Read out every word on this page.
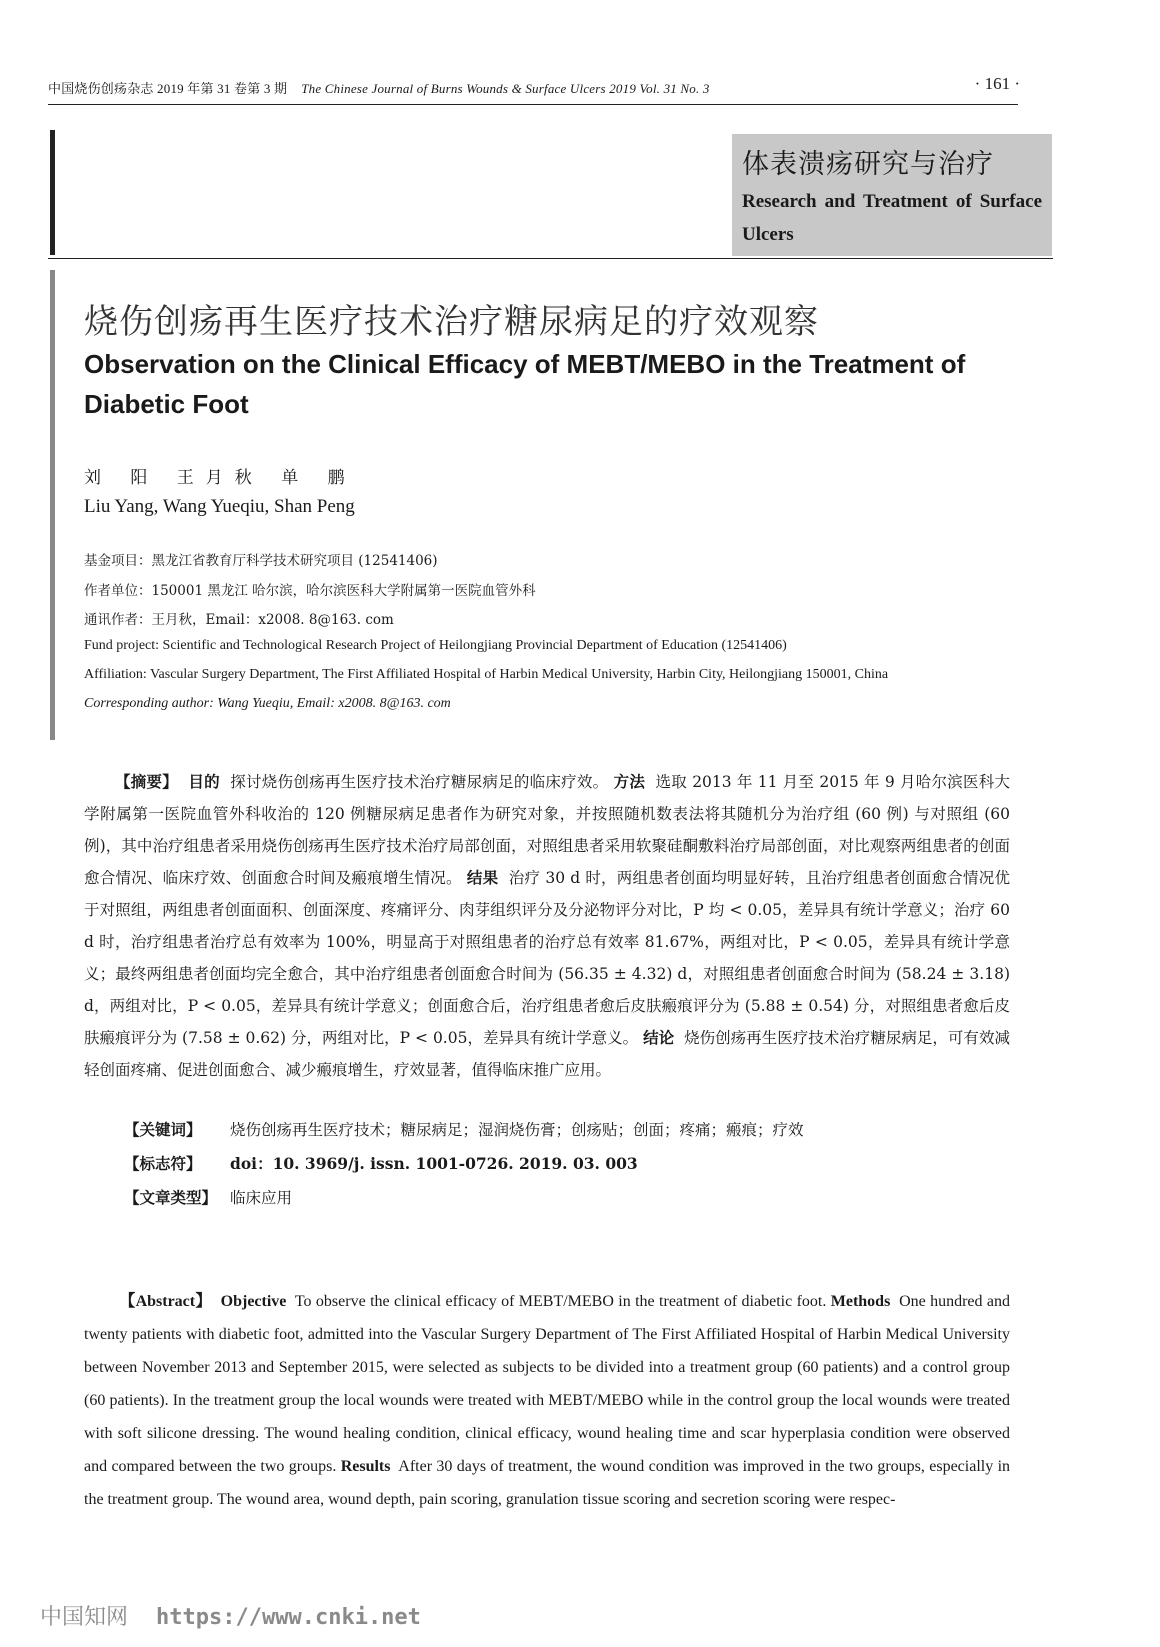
中国烧伤创疡杂志 2019 年第 31 卷第 3 期 The Chinese Journal of Burns Wounds & Surface Ulcers 2019 Vol. 31 No. 3	· 161 ·
体表溃疡研究与治疗
Research and Treatment of Surface Ulcers
烧伤创疡再生医疗技术治疗糖尿病足的疗效观察
Observation on the Clinical Efficacy of MEBT/MEBO in the Treatment of Diabetic Foot
刘 阳 王月秋 单 鹏
Liu Yang, Wang Yueqiu, Shan Peng
基金项目：黑龙江省教育厅科学技术研究项目 (12541406)
作者单位：150001 黑龙江 哈尔滨，哈尔滨医科大学附属第一医院血管外科
通讯作者：王月秋，Email：x2008. 8@163. com
Fund project: Scientific and Technological Research Project of Heilongjiang Provincial Department of Education (12541406)
Affiliation: Vascular Surgery Department, The First Affiliated Hospital of Harbin Medical University, Harbin City, Heilongjiang 150001, China
Corresponding author: Wang Yueqiu, Email: x2008. 8@163. com
【摘要】 目的 探讨烧伤创疡再生医疗技术治疗糖尿病足的临床疗效。 方法 选取 2013 年 11 月至 2015 年 9 月哈尔滨医科大学附属第一医院血管外科收治的 120 例糖尿病足患者作为研究对象，并按照随机数表法将其随机分为治疗组 (60 例) 与对照组 (60 例)，其中治疗组患者采用烧伤创疡再生医疗技术治疗局部创面，对照组患者采用软聚硅酮敷料治疗局部创面，对比观察两组患者的创面愈合情况、临床疗效、创面愈合时间及瘢痕增生情况。 结果 治疗 30 d 时，两组患者创面均明显好转，且治疗组患者创面愈合情况优于对照组，两组患者创面面积、创面深度、疼痛评分、肉芽组织评分及分泌物评分对比，P 均 < 0.05，差异具有统计学意义；治疗 60 d 时，治疗组患者治疗总有效率为 100%，明显高于对照组患者的治疗总有效率 81.67%，两组对比，P < 0.05，差异具有统计学意义；最终两组患者创面均完全愈合，其中治疗组患者创面愈合时间为 (56.35 ± 4.32) d，对照组患者创面愈合时间为 (58.24 ± 3.18) d，两组对比，P < 0.05，差异具有统计学意义；创面愈合后，治疗组患者愈后皮肤瘢痕评分为 (5.88 ± 0.54) 分，对照组患者愈后皮肤瘢痕评分为 (7.58 ± 0.62) 分，两组对比，P < 0.05，差异具有统计学意义。 结论 烧伤创疡再生医疗技术治疗糖尿病足，可有效减轻创面疼痛、促进创面愈合、减少瘢痕增生，疗效显著，值得临床推广应用。
【关键词】 烧伤创疡再生医疗技术；糖尿病足；湿润烧伤膏；创疡贴；创面；疼痛；瘢痕；疗效
【标志符】 doi：10. 3969/j. issn. 1001-0726. 2019. 03. 003
【文章类型】 临床应用
【Abstract】 Objective To observe the clinical efficacy of MEBT/MEBO in the treatment of diabetic foot. Methods One hundred and twenty patients with diabetic foot, admitted into the Vascular Surgery Department of The First Affiliated Hospital of Harbin Medical University between November 2013 and September 2015, were selected as subjects to be divided into a treatment group (60 patients) and a control group (60 patients). In the treatment group the local wounds were treated with MEBT/MEBO while in the control group the local wounds were treated with soft silicone dressing. The wound healing condition, clinical efficacy, wound healing time and scar hyperplasia condition were observed and compared between the two groups. Results After 30 days of treatment, the wound condition was improved in the two groups, especially in the treatment group. The wound area, wound depth, pain scoring, granulation tissue scoring and secretion scoring were respec-
中国知网 https://www.cnki.net
